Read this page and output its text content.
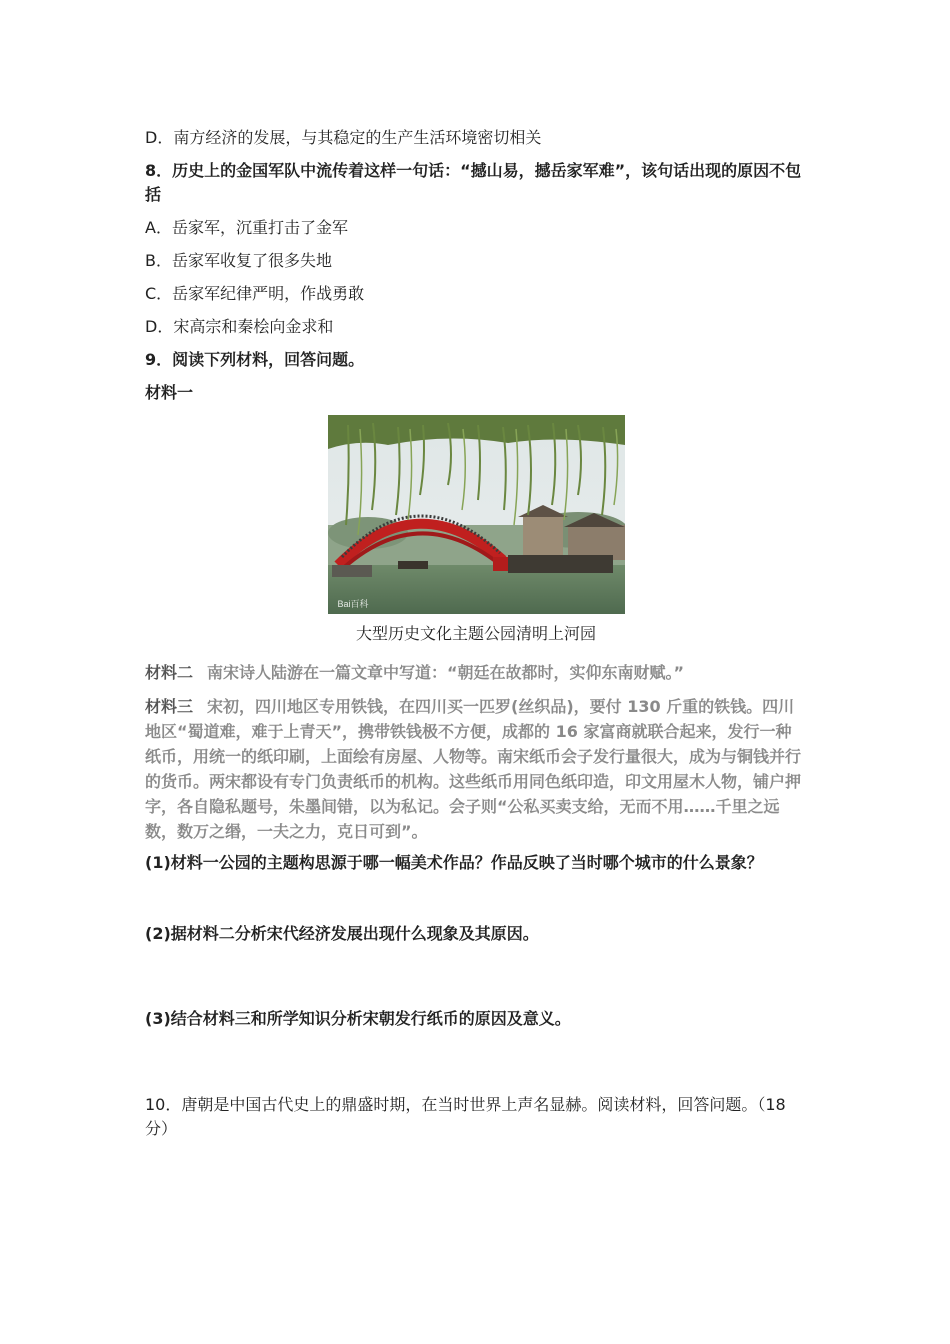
D．南方经济的发展，与其稳定的生产生活环境密切相关
8．历史上的金国军队中流传着这样一句话：“撼山易，撼岳家军难”，该句话出现的原因不包括
A．岳家军，沉重打击了金军
B．岳家军收复了很多失地
C．岳家军纪律严明，作战勇敢
D．宋高宗和秦桧向金求和
9．阅读下列材料，回答问题。
材料一
Bai百科
大型历史文化主题公园清明上河园
材料二 南宋诗人陆游在一篇文章中写道：“朝廷在故都时，实仰东南财赋。”
材料三 宋初，四川地区专用铁钱，在四川买一匹罗(丝织品)，要付 130 斤重的铁钱。四川地区“蜀道难，难于上青天”，携带铁钱极不方便，成都的 16 家富商就联合起来，发行一种纸币，用统一的纸印刷，上面绘有房屋、人物等。南宋纸币会子发行量很大，成为与铜钱并行的货币。两宋都设有专门负责纸币的机构。这些纸币用同色纸印造，印文用屋木人物，铺户押字，各自隐私题号，朱墨间错，以为私记。会子则“公私买卖支给，无而不用……千里之远数，数万之缗，一夫之力，克日可到”。
(1)材料一公园的主题构思源于哪一幅美术作品？作品反映了当时哪个城市的什么景象？
(2)据材料二分析宋代经济发展出现什么现象及其原因。
(3)结合材料三和所学知识分析宋朝发行纸币的原因及意义。
10．唐朝是中国古代史上的鼎盛时期，在当时世界上声名显赫。阅读材料，回答问题。（18 分）
